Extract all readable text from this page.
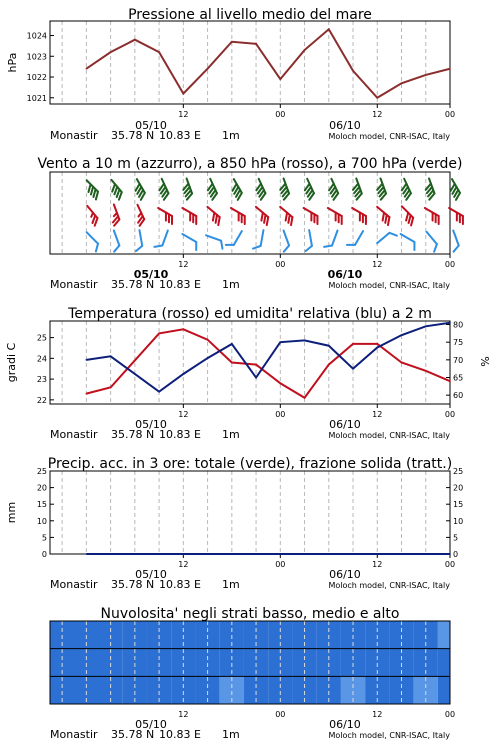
12	00	12	00
05/10	06/10
Monastir 35.78 N 10.83 E 1m	Moloch model, CNR-ISAC, Italy
Pressione al livello medio del mare
1021
1022
1023
1024
hPa
12	00	12	00
05/10	06/10
Monastir 35.78 N 10.83 E 1m	Moloch model, CNR-ISAC, Italy
Vento a 10 m (azzurro), a 850 hPa (rosso), a 700 hPa (verde)
12	00	12	00
05/10	06/10
Monastir 35.78 N 10.83 E 1m	Moloch model, CNR-ISAC, Italy
Temperatura (rosso) ed umidita' relativa (blu) a 2 m
22
23
24
25
60
65
70
75
80
gradi C	%
12	00	12	00
05/10	06/10
Monastir 35.78 N 10.83 E 1m	Moloch model, CNR-ISAC, Italy
Precip. acc. in 3 ore: totale (verde), frazione solida (tratt.)
0
5
10
15
20
25
0
5
10
15
20
25
mm
12	00	12	00
05/10	06/10
Monastir 35.78 N 10.83 E 1m	Moloch model, CNR-ISAC, Italy
Nuvolosita' negli strati basso, medio e alto
